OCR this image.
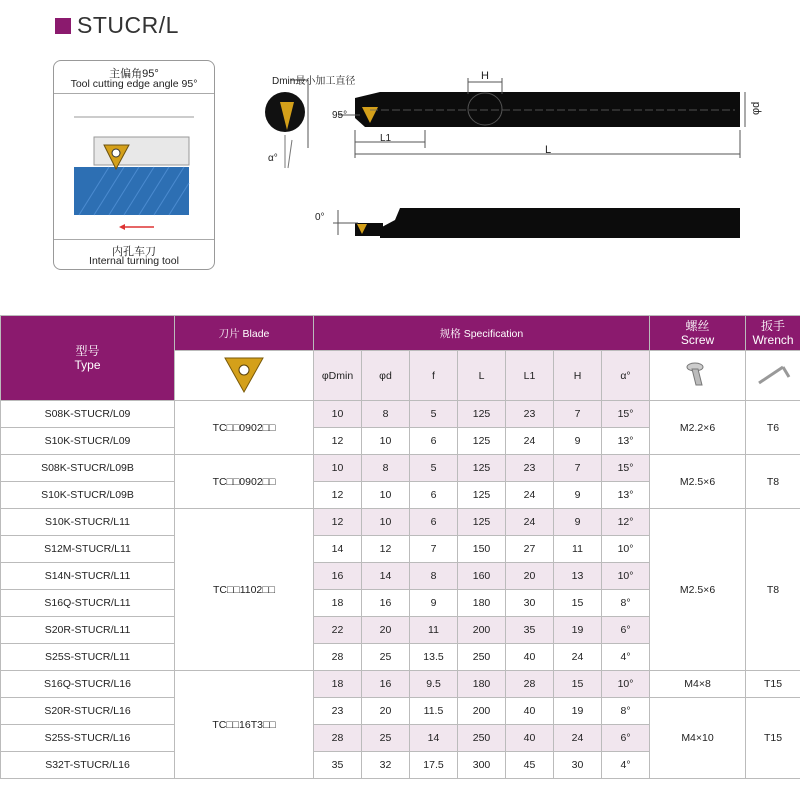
STUCR/L
主偏角95°
Tool cutting edge angle 95°
内孔车刀
Internal turning tool
Dmin最小加工直径	H
95°
L1
L
φd
α°
0°
型号
Type	刀片 Blade	规格 Specification							螺丝
Screw	扳手
Wrench

	φDmin	φd	f	L	L1	H	α°		
S08K-STUCR/L09	TC□□0902□□	10	8	5	125	23	7	15°	M2.2×6	T6
S10K-STUCR/L09		12	10	6	125	24	9	13°		
S08K-STUCR/L09B	TC□□0902□□	10	8	5	125	23	7	15°	M2.5×6	T8
S10K-STUCR/L09B		12	10	6	125	24	9	13°		
S10K-STUCR/L11	TC□□1102□□	12	10	6	125	24	9	12°	M2.5×6	T8
S12M-STUCR/L11		14	12	7	150	27	11	10°		
S14N-STUCR/L11		16	14	8	160	20	13	10°		
S16Q-STUCR/L11		18	16	9	180	30	15	8°		
S20R-STUCR/L11		22	20	11	200	35	19	6°		
S25S-STUCR/L11		28	25	13.5	250	40	24	4°		
S16Q-STUCR/L16	TC□□16T3□□	18	16	9.5	180	28	15	10°	M4×8	T15
S20R-STUCR/L16		23	20	11.5	200	40	19	8°	M4×10	T15
S25S-STUCR/L16		28	25	14	250	40	24	6°		
S32T-STUCR/L16		35	32	17.5	300	45	30	4°		
